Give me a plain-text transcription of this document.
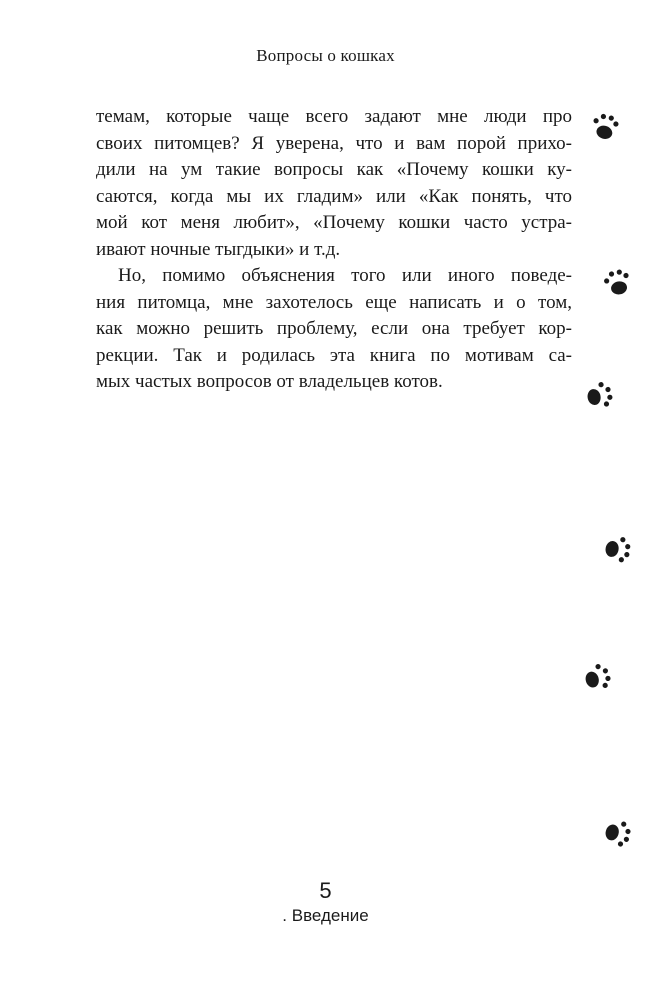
Вопросы о кошках
темам, которые чаще всего задают мне люди про
своих питомцев? Я уверена, что и вам порой прихо-
дили на ум такие вопросы как «Почему кошки ку-
саются, когда мы их гладим» или «Как понять, что
мой кот меня любит», «Почему кошки часто устра-
ивают ночные тыгдыки» и т.д.
Но, помимо объяснения того или иного поведе-
ния питомца, мне захотелось еще написать и о том,
как можно решить проблему, если она требует кор-
рекции. Так и родилась эта книга по мотивам са-
мых частых вопросов от владельцев котов.
5
. Введение
